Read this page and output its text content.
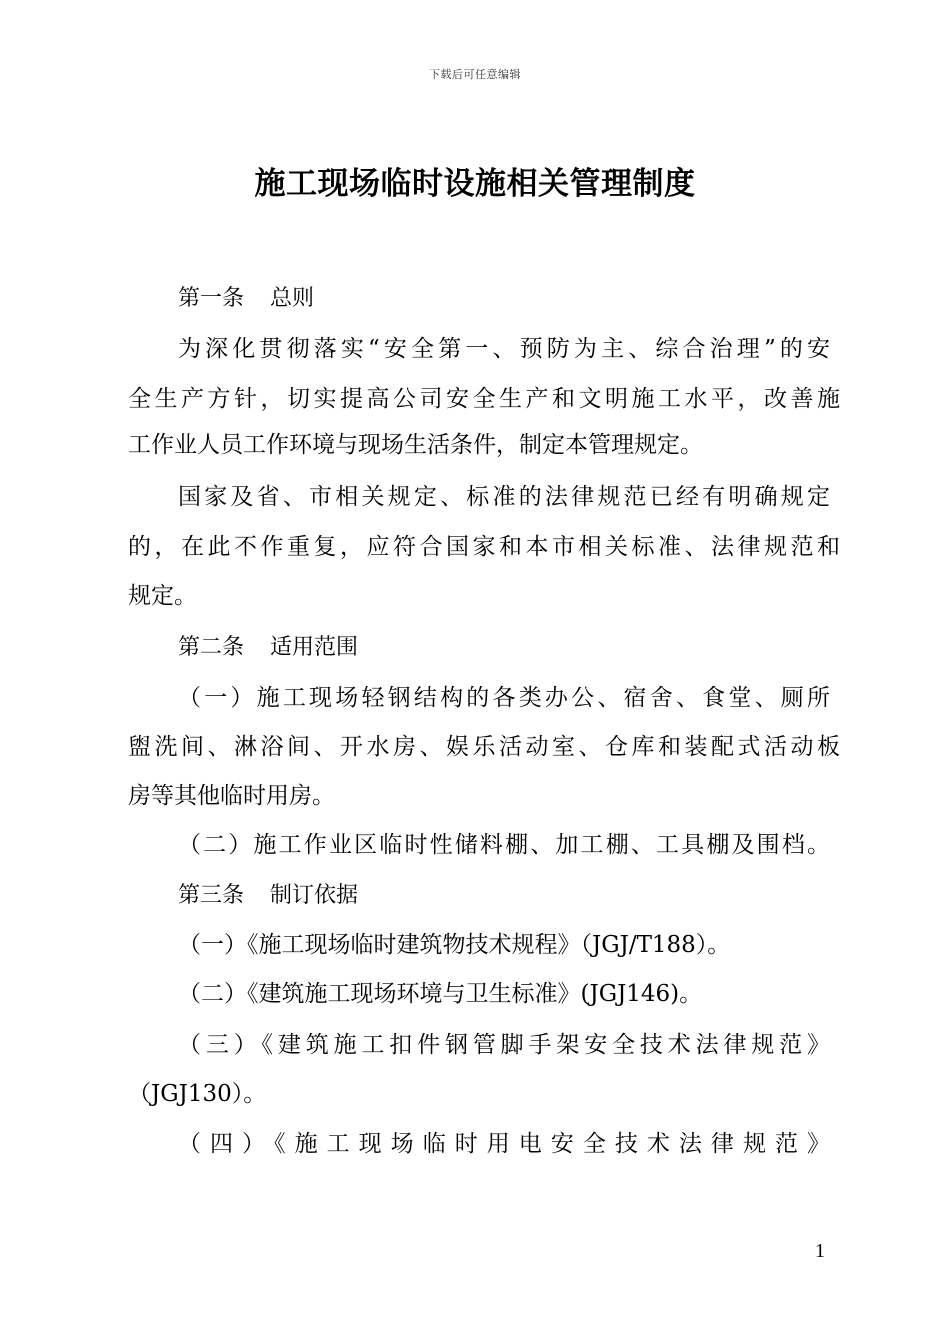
下载后可任意编辑
施工现场临时设施相关管理制度
第一条 总则
为深化贯彻落实“安全第一、预防为主、综合治理”的安
全生产方针，切实提高公司安全生产和文明施工水平，改善施
工作业人员工作环境与现场生活条件，制定本管理规定。
国家及省、市相关规定、标准的法律规范已经有明确规定
的，在此不作重复，应符合国家和本市相关标准、法律规范和
规定。
第二条 适用范围
（一）施工现场轻钢结构的各类办公、宿舍、食堂、厕所
盥洗间、淋浴间、开水房、娱乐活动室、仓库和装配式活动板
房等其他临时用房。
（二）施工作业区临时性储料棚、加工棚、工具棚及围档。
第三条 制订依据
（一）《施工现场临时建筑物技术规程》（JGJ/T188）。
（二）《建筑施工现场环境与卫生标准》(JGJ146)。
（三）《建筑施工扣件钢管脚手架安全技术法律规范》
（JGJ130）。
（四）《施工现场临时用电安全技术法律规范》
1
